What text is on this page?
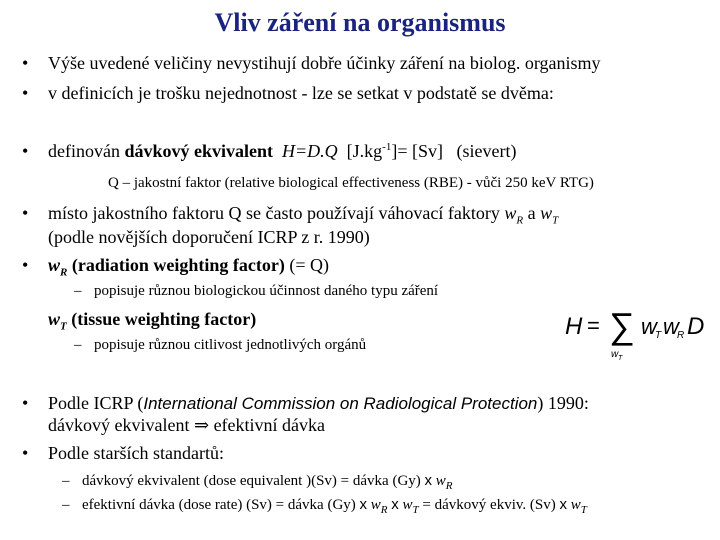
Vliv záření na organismus
• Výše uvedené veličiny nevystihují dobře účinky záření na biolog. organismy
• v definicích je trošku nejednotnost - lze se setkat v podstatě se dvěma:
• definován dávkový ekvivalent H=D.Q $[J.kg^{-1}]= [Sv]$ (sievert)
Q – jakostní faktor (relative biological effectiveness (RBE) - vůči 250 keV RTG)
• místo jakostního faktoru Q se často používají váhovací faktory $w_R$ a $w_T$
(podle novějších doporučení ICRP z r. 1990)
• $w_R$ (radiation weighting factor) (= Q)
– popisuje různou biologickou účinnost daného typu záření
$w_T$ (tissue weighting factor)
– popisuje různou citlivost jednotlivých orgánů
H = ∑
w T
w
T w
R D
• Podle ICRP (International Commission on Radiological Protection) 1990:
dávkový ekvivalent ⇒ efektivní dávka
• Podle starších standartů:
– dávkový ekvivalent (dose equivalent )(Sv) = dávka (Gy) x $w_R$
– efektivní dávka (dose rate) (Sv) = dávka (Gy) x $w_R$ x $w_T$ = dávkový ekviv. (Sv) x $w_T$
